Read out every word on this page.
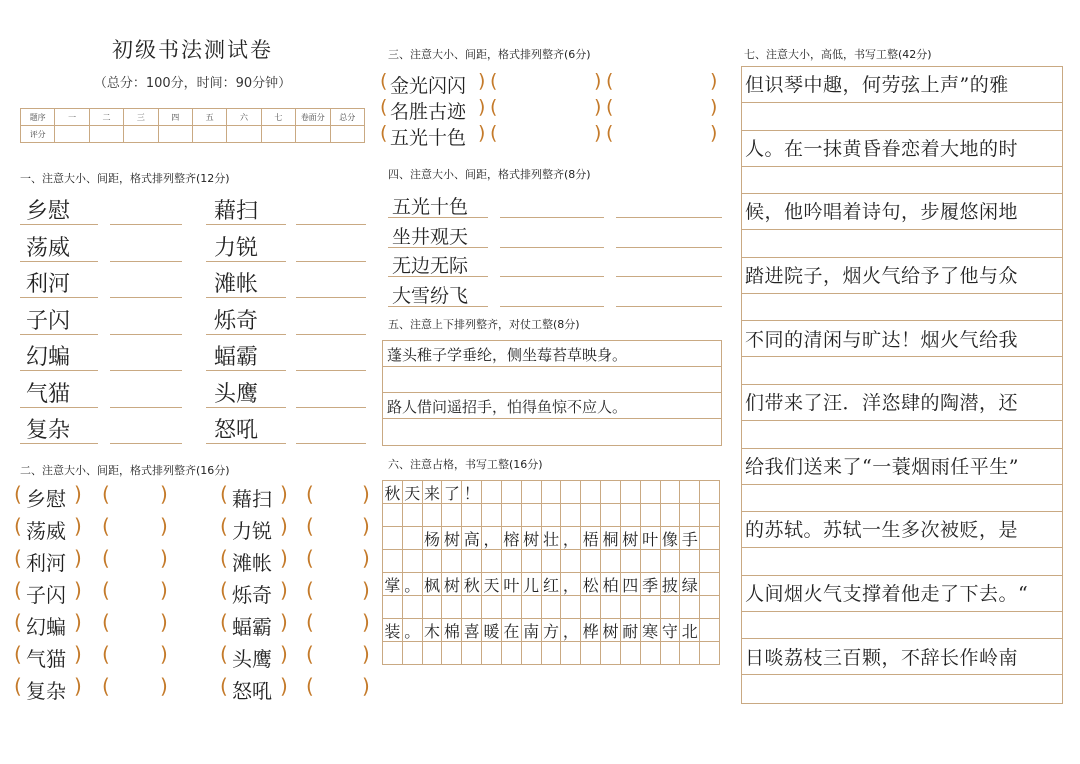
初级书法测试卷
（总分：100分，时间：90分钟）
题序	一	二	三	四	五	六	七	卷面分	总分
评分									
一、注意大小、间距，格式排列整齐(12分)
乡慰	藉扫
荡威	力锐
利河	滩帐
子闪	烁奇
幻蝙	蝠霸
气猫	头鹰
复杂	怒吼
二、注意大小、间距，格式排列整齐(16分)
( 乡慰 ) (	)	( 藉扫 ) ( )
( 荡威 ) (	)	( 力锐 ) ( )
( 利河 ) (	)	( 滩帐 ) ( )
( 子闪 ) (	)	( 烁奇 ) ( )
( 幻蝙 ) (	)	( 蝠霸 ) ( )
( 气猫 ) (	)	( 头鹰 ) ( )
( 复杂 ) (	)	( 怒吼 ) ( )
三、注意大小、间距，格式排列整齐(6分)
( 金光闪闪 ) (	) (	)
( 名胜古迹 ) (	) (	)
( 五光十色 ) (	) (	)
四、注意大小、间距，格式排列整齐(8分)
五光十色
坐井观天
无边无际
大雪纷飞
五、注意上下排列整齐，对仗工整(8分)
蓬头稚子学垂纶，侧坐莓苔草映身。
路人借问遥招手，怕得鱼惊不应人。
六、注意占格，书写工整(16分)
秋 天 来 了 ！
杨 树 高 ， 榕 树 壮 ， 梧 桐 树 叶 像 手
掌 。 枫 树 秋 天 叶 儿 红 ， 松 柏 四 季 披 绿
装 。 木 棉 喜 暖 在 南 方 ， 桦 树 耐 寒 守 北
七、注意大小，高低，书写工整(42分)
但识琴中趣，何劳弦上声”的雅
人。在一抹黄昏眷恋着大地的时
候，他吟唱着诗句，步履悠闲地
踏进院子，烟火气给予了他与众
不同的清闲与旷达！烟火气给我
们带来了汪．洋恣肆的陶潜，还
给我们送来了“一蓑烟雨任平生”
的苏轼。苏轼一生多次被贬，是
人间烟火气支撑着他走了下去。“
日啖荔枝三百颗，不辞长作岭南
